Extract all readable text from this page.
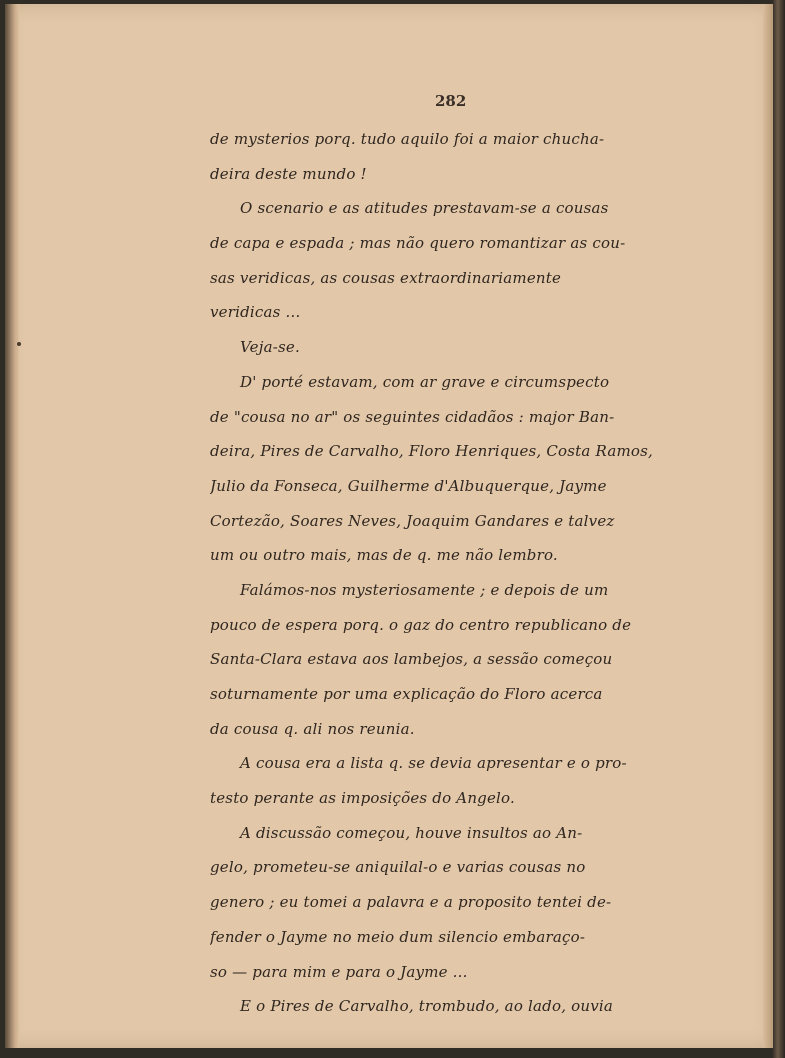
282
de mysterios porq. tudo aquilo foi a maior chucha-
deira deste mundo !
O scenario e as atitudes prestavam-se a cousas
de capa e espada ; mas não quero romantizar as cou-
sas veridicas, as cousas extraordinariamente
veridicas ...
Veja-se.
D' porté estavam, com ar grave e circumspecto
de "cousa no ar" os seguintes cidadãos : major Ban-
deira, Pires de Carvalho, Floro Henriques, Costa Ramos,
Julio da Fonseca, Guilherme d'Albuquerque, Jayme
Cortezão, Soares Neves, Joaquim Gandares e talvez
um ou outro mais, mas de q. me não lembro.
Falámos-nos mysteriosamente ; e depois de um
pouco de espera porq. o gaz do centro republicano de
Santa-Clara estava aos lambejos, a sessão começou
soturnamente por uma explicação do Floro acerca
da cousa q. ali nos reunia.
A cousa era a lista q. se devia apresentar e o pro-
testo perante as imposições do Angelo.
A discussão começou, houve insultos ao An-
gelo, prometeu-se aniquilal-o e varias cousas no
genero ; eu tomei a palavra e a proposito tentei de-
fender o Jayme no meio dum silencio embaraço-
so — para mim e para o Jayme ...
E o Pires de Carvalho, trombudo, ao lado, ouvia
